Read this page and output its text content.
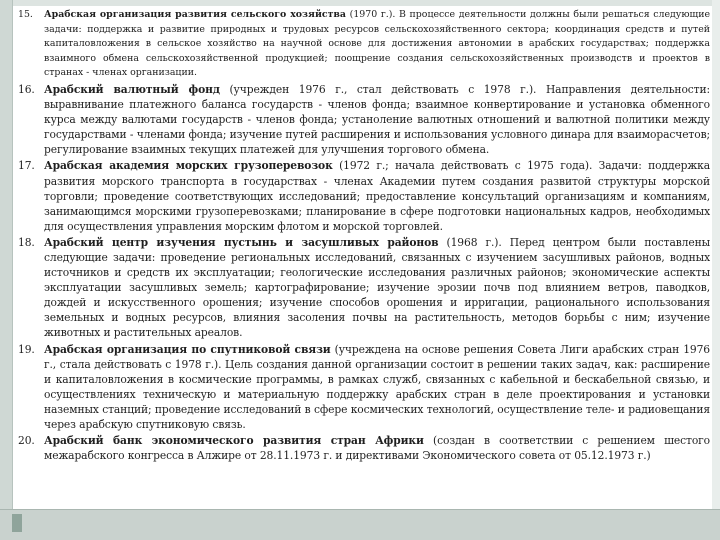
15. Арабская организация развития сельского хозяйства (1970 г.). В процессе деятельности должны были решаться следующие задачи: поддержка и развитие природных и трудовых ресурсов сельскохозяйственного сектора; координация средств и путей капиталовложения в сельское хозяйство на научной основе для достижения автономии в арабских государствах; поддержка взаимного обмена сельскохозяйственной продукцией; поощрение создания сельскохозяйственных производств и проектов в странах - членах организации.
16. Арабский валютный фонд (учрежден 1976 г., стал действовать с 1978 г.). Направления деятельности: выравнивание платежного баланса государств - членов фонда; взаимное конвертирование и установка обменного курса между валютами государств - членов фонда; устаноление валютных отношений и валютной политики между государствами - членами фонда; изучение путей расширения и использования условного динара для взаиморасчетов; регулирование взаимных текущих платежей для улучшения торгового обмена.
17. Арабская академия морских грузоперевозок (1972 г.; начала действовать с 1975 года). Задачи: поддержка развития морского транспорта в государствах - членах Академии путем создания развитой структуры морской торговли; проведение соответствующих исследований; предоставление консультаций организациям и компаниям, занимающимся морскими грузоперевозками; планирование в сфере подготовки национальных кадров, необходимых для осуществления управления морским флотом и морской торговлей.
18. Арабский центр изучения пустынь и засушливых районов (1968 г.). Перед центром были поставлены следующие задачи: проведение региональных исследований, связанных с изучением засушливых районов, водных источников и средств их эксплуатации; геологические исследования различных районов; экономические аспекты эксплуатации засушливых земель; картографирование; изучение эрозии почв под влиянием ветров, паводков, дождей и искусственного орошения; изучение способов орошения и ирригации, рационального использования земельных и водных ресурсов, влияния засоления почвы на растительность, методов борьбы с ним; изучение животных и растительных ареалов.
19. Арабская организация по спутниковой связи (учреждена на основе решения Совета Лиги арабских стран 1976 г., стала действовать с 1978 г.). Цель создания данной организации состоит в решении таких задач, как: расширение и капиталовложения в космические программы, в рамках служб, связанных с кабельной и бескабельной связью, и осуществлениях техническую и материальную поддержку арабских стран в деле проектирования и установки наземных станций; проведение исследований в сфере космических технологий, осуществление теле- и радиовещания через арабскую спутниковую связь.
20. Арабский банк экономического развития стран Африки (создан в соответствии с решением шестого межарабского конгресса в Алжире от 28.11.1973 г. и директивами Экономического совета от 05.12.1973 г.)
